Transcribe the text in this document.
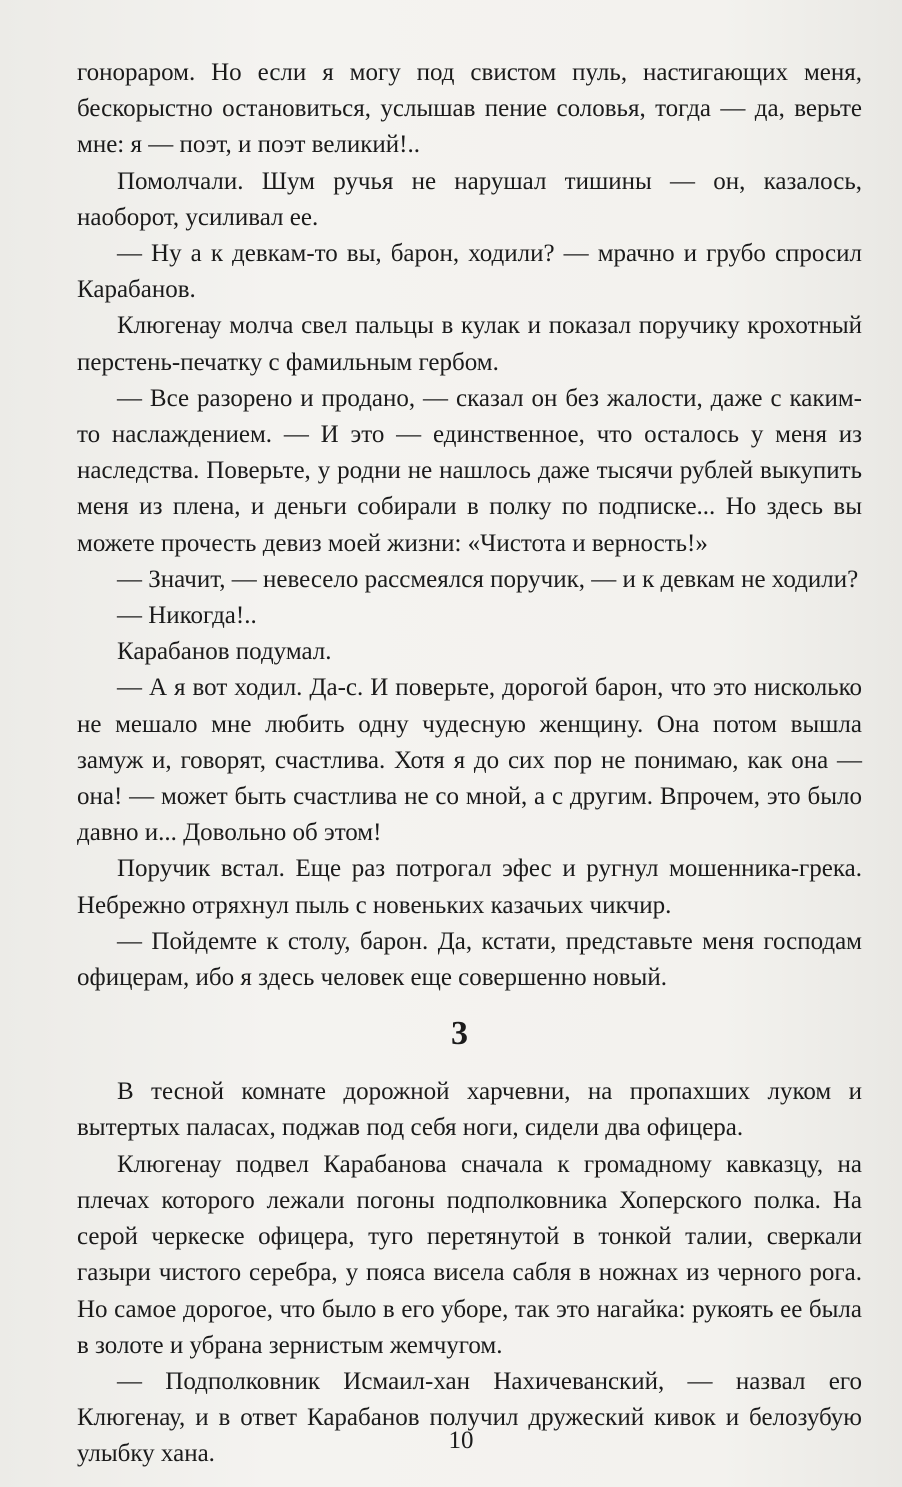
гонораром. Но если я могу под свистом пуль, настигающих меня, бескорыстно остановиться, услышав пение соловья, тогда — да, верьте мне: я — поэт, и поэт великий!..

Помолчали. Шум ручья не нарушал тишины — он, казалось, наоборот, усиливал ее.

— Ну а к девкам-то вы, барон, ходили? — мрачно и грубо спросил Карабанов.

Клюгенау молча свел пальцы в кулак и показал поручику крохотный перстень-печатку с фамильным гербом.

— Все разорено и продано, — сказал он без жалости, даже с каким-то наслаждением. — И это — единственное, что осталось у меня из наследства. Поверьте, у родни не нашлось даже тысячи рублей выкупить меня из плена, и деньги собирали в полку по подписке... Но здесь вы можете прочесть девиз моей жизни: «Чистота и верность!»

— Значит, — невесело рассмеялся поручик, — и к девкам не ходили?

— Никогда!..

Карабанов подумал.

— А я вот ходил. Да-с. И поверьте, дорогой барон, что это нисколько не мешало мне любить одну чудесную женщину. Она потом вышла замуж и, говорят, счастлива. Хотя я до сих пор не понимаю, как она — она! — может быть счастлива не со мной, а с другим. Впрочем, это было давно и... Довольно об этом!

Поручик встал. Еще раз потрогал эфес и ругнул мошенника-грека. Небрежно отряхнул пыль с новеньких казачьих чикчир.

— Пойдемте к столу, барон. Да, кстати, представьте меня господам офицерам, ибо я здесь человек еще совершенно новый.

3

В тесной комнате дорожной харчевни, на пропахших луком и вытертых паласах, поджав под себя ноги, сидели два офицера.

Клюгенау подвел Карабанова сначала к громадному кавказцу, на плечах которого лежали погоны подполковника Хоперского полка. На серой черкеске офицера, туго перетянутой в тонкой талии, сверкали газыри чистого серебра, у пояса висела сабля в ножнах из черного рога. Но самое дорогое, что было в его уборе, так это нагайка: рукоять ее была в золоте и убрана зернистым жемчугом.

— Подполковник Исмаил-хан Нахичеванский, — назвал его Клюгенау, и в ответ Карабанов получил дружеский кивок и белозубую улыбку хана.	10
